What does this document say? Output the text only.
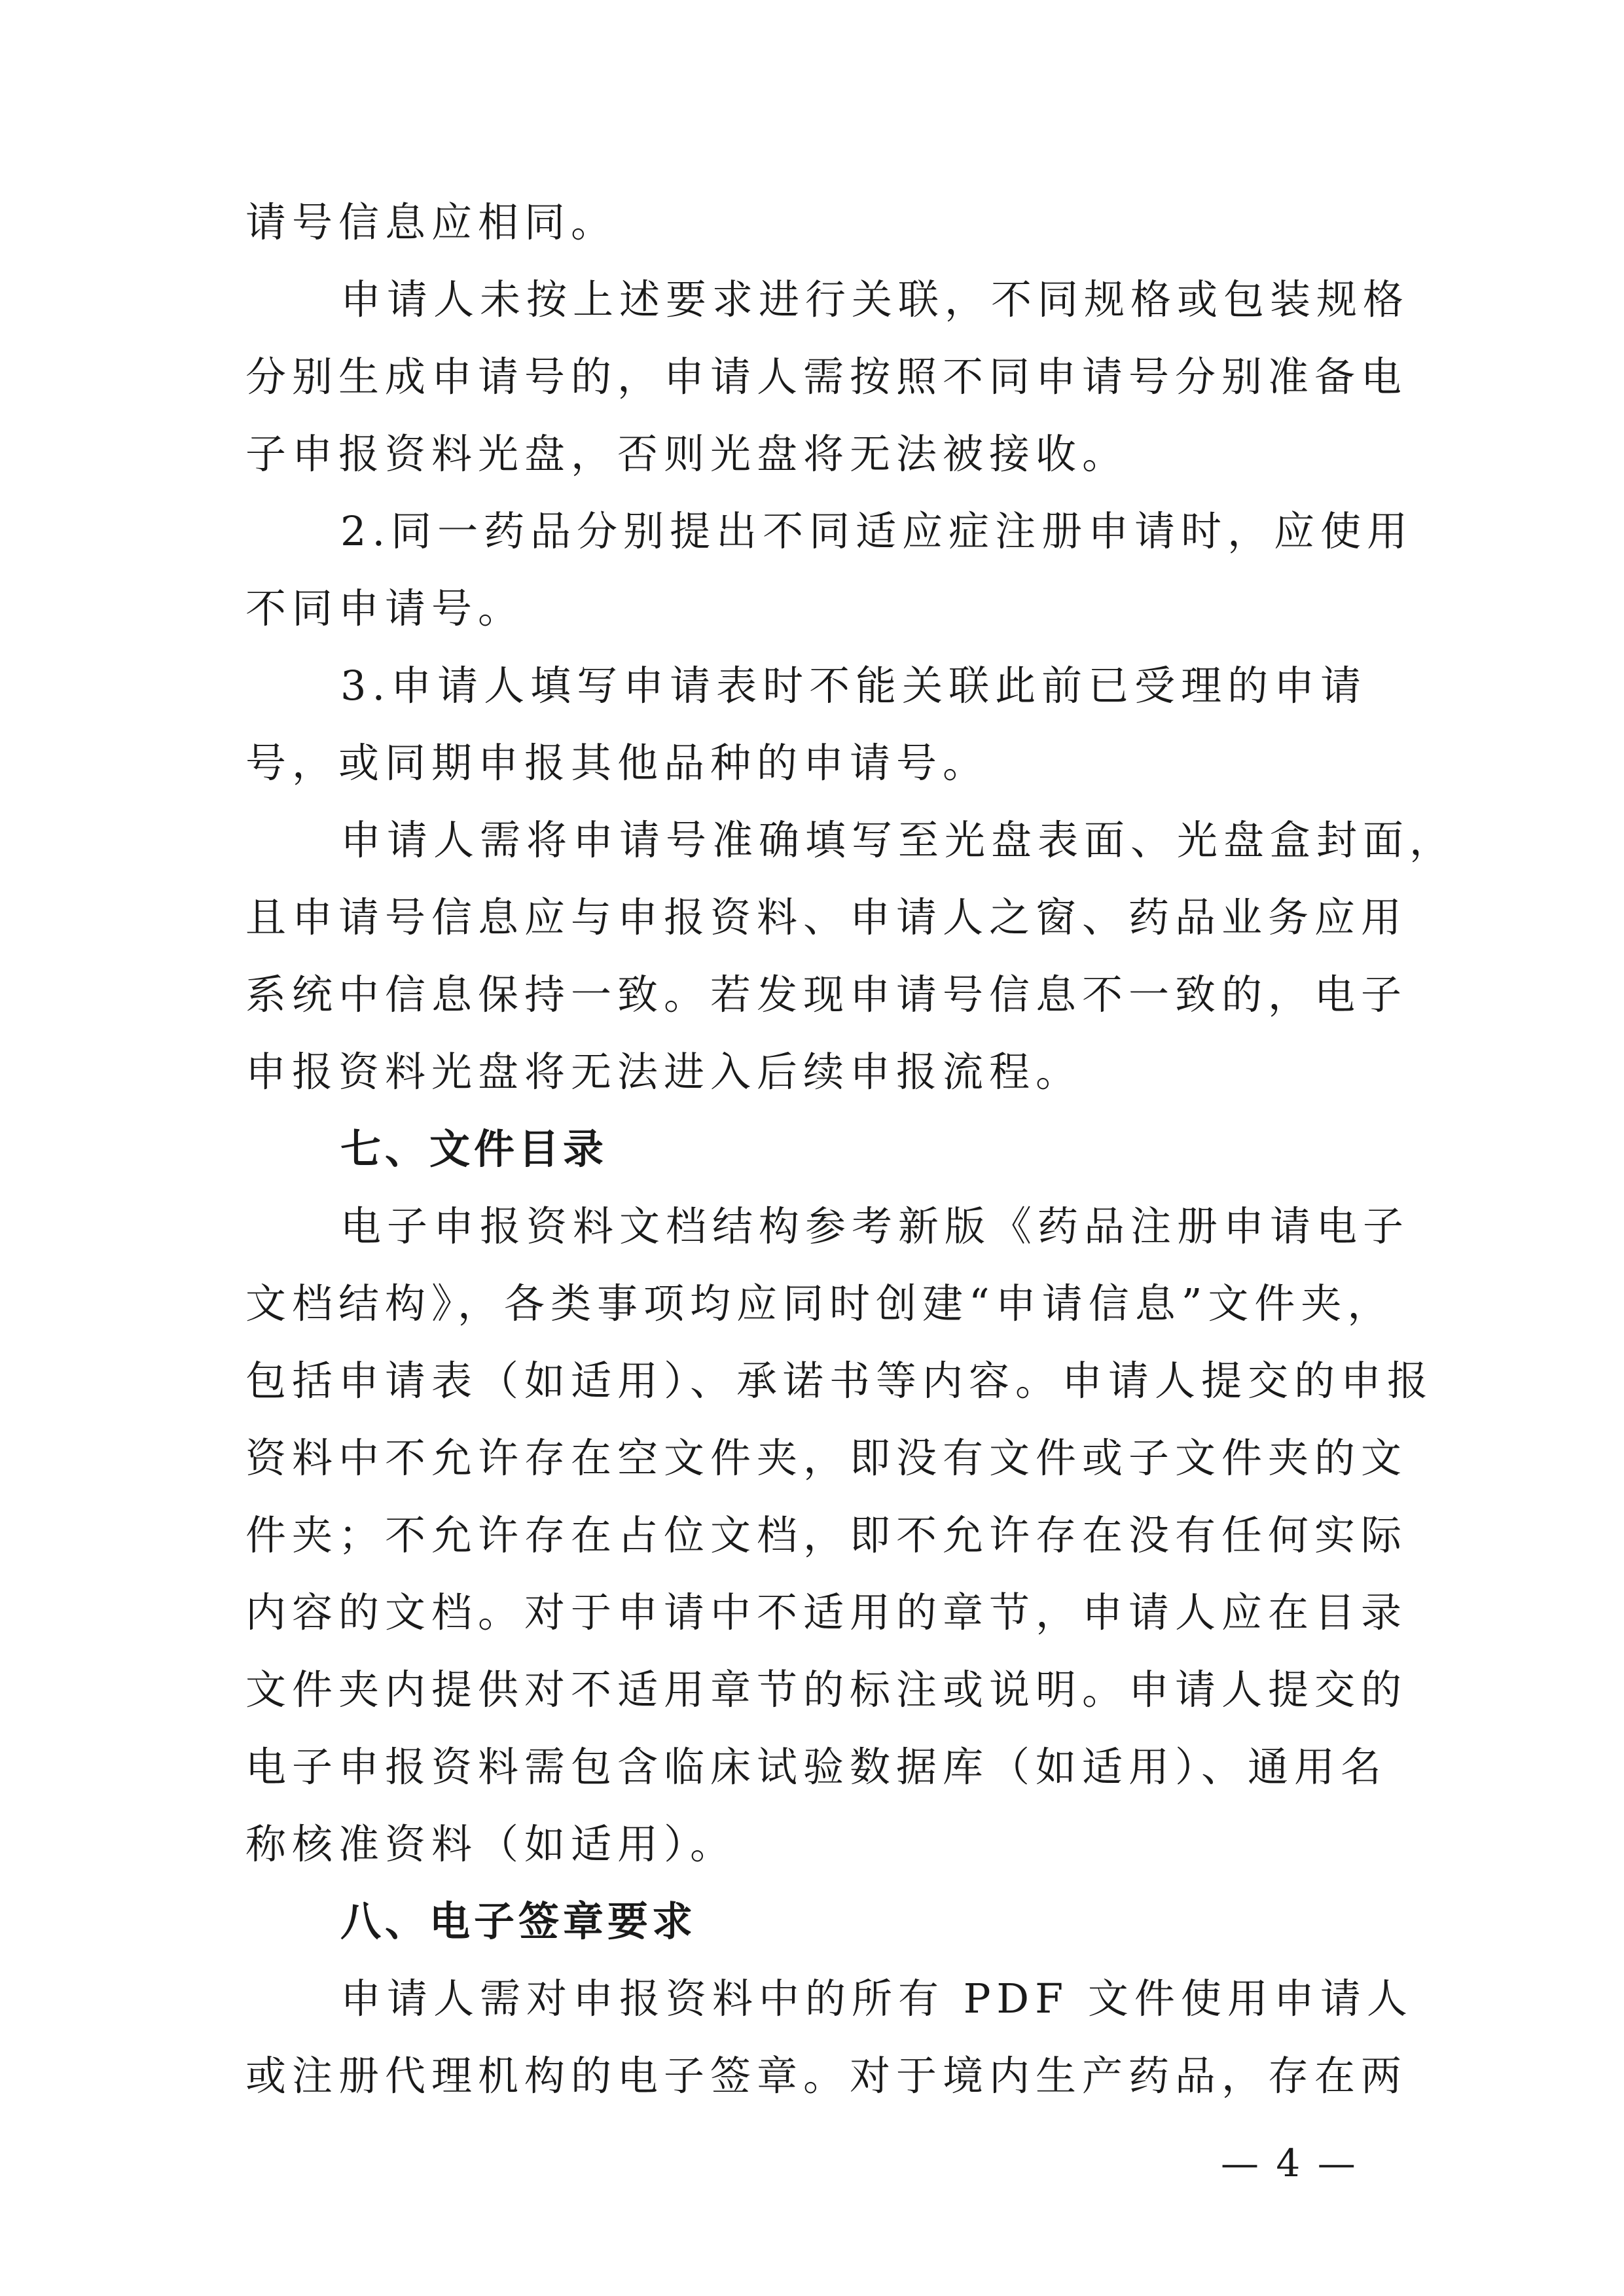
请号信息应相同。
申请人未按上述要求进行关联，不同规格或包装规格
分别生成申请号的，申请人需按照不同申请号分别准备电
子申报资料光盘，否则光盘将无法被接收。
2.同一药品分别提出不同适应症注册申请时，应使用
不同申请号。
3.申请人填写申请表时不能关联此前已受理的申请
号，或同期申报其他品种的申请号。
申请人需将申请号准确填写至光盘表面、光盘盒封面，
且申请号信息应与申报资料、申请人之窗、药品业务应用
系统中信息保持一致。若发现申请号信息不一致的，电子
申报资料光盘将无法进入后续申报流程。
七、文件目录
电子申报资料文档结构参考新版《药品注册申请电子
文档结构》，各类事项均应同时创建“申请信息”文件夹，
包括申请表（如适用）、承诺书等内容。申请人提交的申报
资料中不允许存在空文件夹，即没有文件或子文件夹的文
件夹；不允许存在占位文档，即不允许存在没有任何实际
内容的文档。对于申请中不适用的章节，申请人应在目录
文件夹内提供对不适用章节的标注或说明。申请人提交的
电子申报资料需包含临床试验数据库（如适用）、通用名
称核准资料（如适用）。
八、电子签章要求
申请人需对申报资料中的所有 PDF 文件使用申请人
或注册代理机构的电子签章。对于境内生产药品，存在两
— 4 —
